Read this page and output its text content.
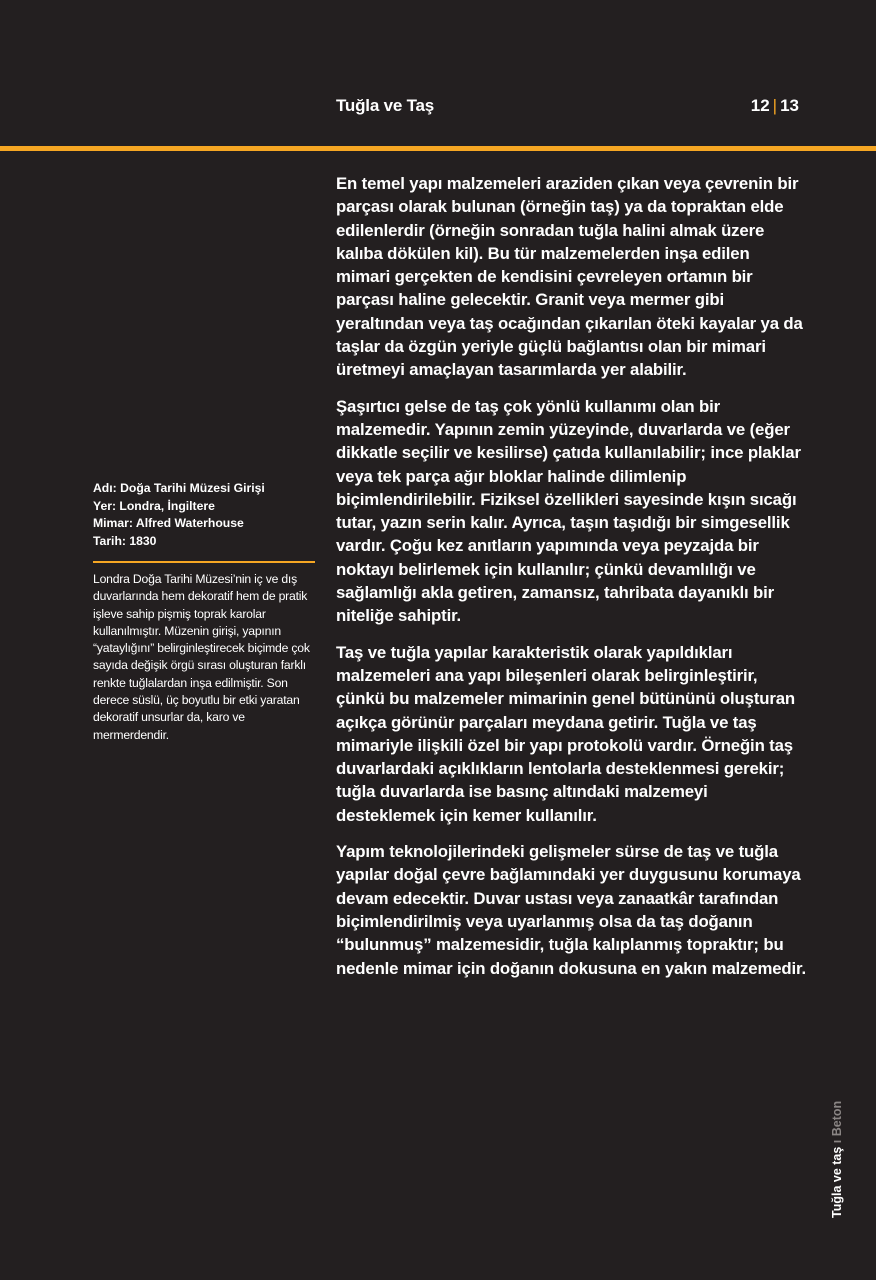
Tuğla ve Taş	12 | 13

En temel yapı malzemeleri araziden çıkan veya çevrenin bir parçası olarak bulunan (örneğin taş) ya da topraktan elde edilenlerdir (örneğin sonradan tuğla halini almak üzere kalıba dökülen kil). Bu tür malzemelerden inşa edilen mimari gerçekten de kendisini çevreleyen ortamın bir parçası haline gelecektir. Granit veya mermer gibi yeraltından veya taş ocağından çıkarılan öteki kayalar ya da taşlar da özgün yeriyle güçlü bağlantısı olan bir mimari üretmeyi amaçlayan tasarımlarda yer alabilir.

Şaşırtıcı gelse de taş çok yönlü kullanımı olan bir malzemedir. Yapının zemin yüzeyinde, duvarlarda ve (eğer dikkatle seçilir ve kesilirse) çatıda kullanılabilir; ince plaklar veya tek parça ağır bloklar halinde dilimlenip biçimlendirilebilir. Fiziksel özellikleri sayesinde kışın sıcağı tutar, yazın serin kalır. Ayrıca, taşın taşıdığı bir simgesellik vardır. Çoğu kez anıtların yapımında veya peyzajda bir noktayı belirlemek için kullanılır; çünkü devamlılığı ve sağlamlığı akla getiren, zamansız, tahribata dayanıklı bir niteliğe sahiptir.

Taş ve tuğla yapılar karakteristik olarak yapıldıkları malzemeleri ana yapı bileşenleri olarak belirginleştirir, çünkü bu malzemeler mimarinin genel bütününü oluşturan açıkça görünür parçaları meydana getirir. Tuğla ve taş mimariyle ilişkili özel bir yapı protokolü vardır. Örneğin taş duvarlardaki açıklıkların lentolarla desteklenmesi gerekir; tuğla duvarlarda ise basınç altındaki malzemeyi desteklemek için kemer kullanılır.

Yapım teknolojilerindeki gelişmeler sürse de taş ve tuğla yapılar doğal çevre bağlamındaki yer duygusunu korumaya devam edecektir. Duvar ustası veya zanaatkâr tarafından biçimlendirilmiş veya uyarlanmış olsa da taş doğanın “bulunmuş” malzemesidir, tuğla kalıplanmış topraktır; bu nedenle mimar için doğanın dokusuna en yakın malzemedir.

Adı: Doğa Tarihi Müzesi Girişi
Yer: Londra, İngiltere
Mimar: Alfred Waterhouse
Tarih: 1830
Londra Doğa Tarihi Müzesi’nin iç ve dış duvarlarında hem dekoratif hem de pratik işleve sahip pişmiş toprak karolar kullanılmıştır. Müzenin girişi, yapının “yataylığını” belirginleştirecek biçimde çok sayıda değişik örgü sırası oluşturan farklı renkte tuğlalardan inşa edilmiştir. Son derece süslü, üç boyutlu bir etki yaratan dekoratif unsurlar da, karo ve mermerdendir.
Tuğla ve taş ı Beton
